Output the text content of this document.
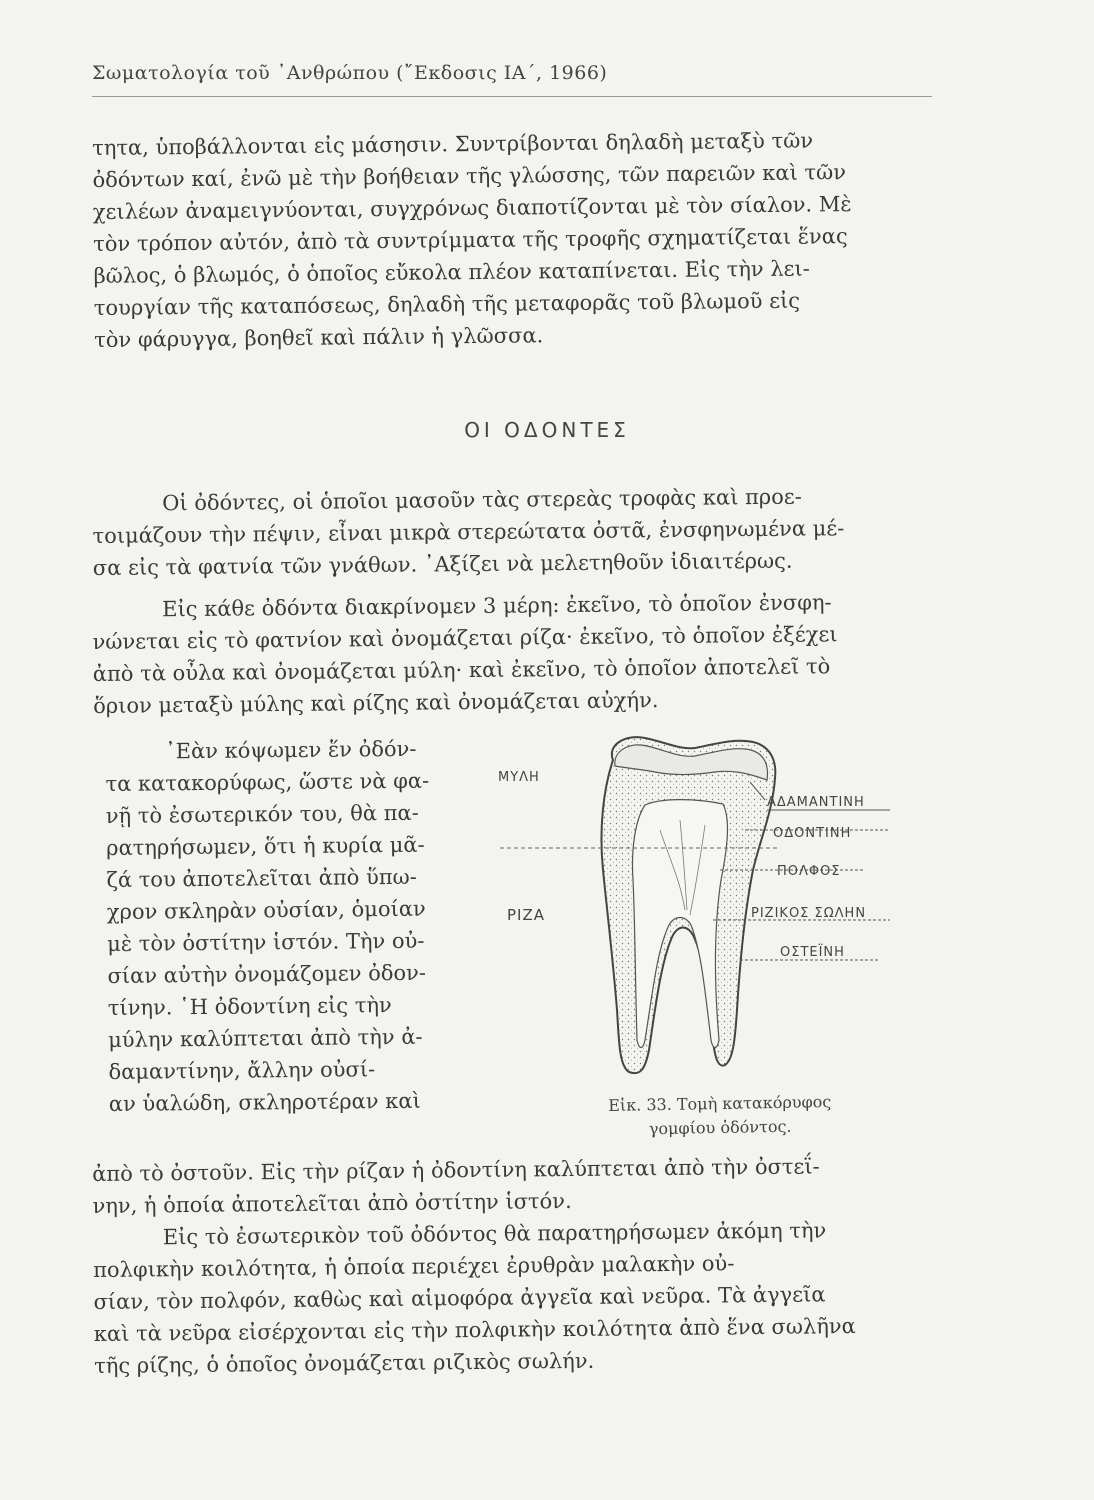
Σωματολογία τοῦ ᾿Ανθρώπου (῎Εκδοσις ΙΑ΄, 1966)

τητα, ὑποβάλλονται εἰς μάσησιν. Συντρίβονται δηλαδὴ μεταξὺ τῶν

ὀδόντων καί, ἐνῶ μὲ τὴν βοήθειαν τῆς γλώσσης, τῶν παρειῶν καὶ τῶν

χειλέων ἀναμειγνύονται, συγχρόνως διαποτίζονται μὲ τὸν σίαλον. Μὲ

τὸν τρόπον αὐτόν, ἀπὸ τὰ συντρίμματα τῆς τροφῆς σχηματίζεται ἕνας

βῶλος, ὁ βλωμός, ὁ ὁποῖος εὔκολα πλέον καταπίνεται. Εἰς τὴν λει-

τουργίαν τῆς καταπόσεως, δηλαδὴ τῆς μεταφορᾶς τοῦ βλωμοῦ εἰς

τὸν φάρυγγα, βοηθεῖ καὶ πάλιν ἡ γλῶσσα.

ΟΙ ΟΔΟΝΤΕΣ

Οἱ ὀδόντες, οἱ ὁποῖοι μασοῦν τὰς στερεὰς τροφὰς καὶ προε-

τοιμάζουν τὴν πέψιν, εἶναι μικρὰ στερεώτατα ὀστᾶ, ἐνσφηνωμένα μέ-

σα εἰς τὰ φατνία τῶν γνάθων. ᾿Αξίζει νὰ μελετηθοῦν ἰδιαιτέρως.

Εἰς κάθε ὀδόντα διακρίνομεν 3 μέρη: ἐκεῖνο, τὸ ὁποῖον ἐνσφη-

νώνεται εἰς τὸ φατνίον καὶ ὀνομάζεται ρίζα· ἐκεῖνο, τὸ ὁποῖον ἐξέχει

ἀπὸ τὰ οὖλα καὶ ὀνομάζεται μύλη· καὶ ἐκεῖνο, τὸ ὁποῖον ἀποτελεῖ τὸ

ὅριον μεταξὺ μύλης καὶ ρίζης καὶ ὀνομάζεται αὐχήν.

᾿Εὰν κόψωμεν ἕν ὀδόν-

τα κατακορύφως, ὥστε νὰ φα-

νῇ τὸ ἐσωτερικόν του, θὰ πα-

ρατηρήσωμεν, ὅτι ἡ κυρία μᾶ-

ζά του ἀποτελεῖται ἀπὸ ὕπω-

χρον σκληρὰν οὐσίαν, ὁμοίαν

μὲ τὸν ὀστίτην ἱστόν. Τὴν οὐ-

σίαν αὐτὴν ὀνομάζομεν ὀδον-

τίνην. ῾Η ὀδοντίνη εἰς τὴν

μύλην καλύπτεται ἀπὸ τὴν ἀ-

δαμαντίνην, ἄλλην οὐσί-

αν ὑαλώδη, σκληροτέραν καὶ

ΜΥΛΗ
ΡΙΖΑ
ΑΔΑΜΑΝΤΙΝΗ
ΟΔΟΝΤΙΝΗ
ΠΟΛΦΟΣ
ΡΙΖΙΚΟΣ ΣΩΛΗΝ
ΟΣΤΕΪΝΗ
Εἰκ. 33. Τομὴ κατακόρυφος
γομφίου ὀδόντος.

ἀπὸ τὸ ὀστοῦν. Εἰς τὴν ρίζαν ἡ ὀδοντίνη καλύπτεται ἀπὸ τὴν ὀστεΐ-

νην, ἡ ὁποία ἀποτελεῖται ἀπὸ ὀστίτην ἱστόν.

Εἰς τὸ ἐσωτερικὸν τοῦ ὀδόντος θὰ παρατηρήσωμεν ἀκόμη τὴν

πολφικὴν κοιλότητα, ἡ ὁποία περιέχει ἐρυθρὰν μαλακὴν οὐ-

σίαν, τὸν πολφόν, καθὼς καὶ αἱμοφόρα ἀγγεῖα καὶ νεῦρα. Τὰ ἀγγεῖα

καὶ τὰ νεῦρα εἰσέρχονται εἰς τὴν πολφικὴν κοιλότητα ἀπὸ ἕνα σωλῆνα

τῆς ρίζης, ὁ ὁποῖος ὀνομάζεται ριζικὸς σωλήν.
